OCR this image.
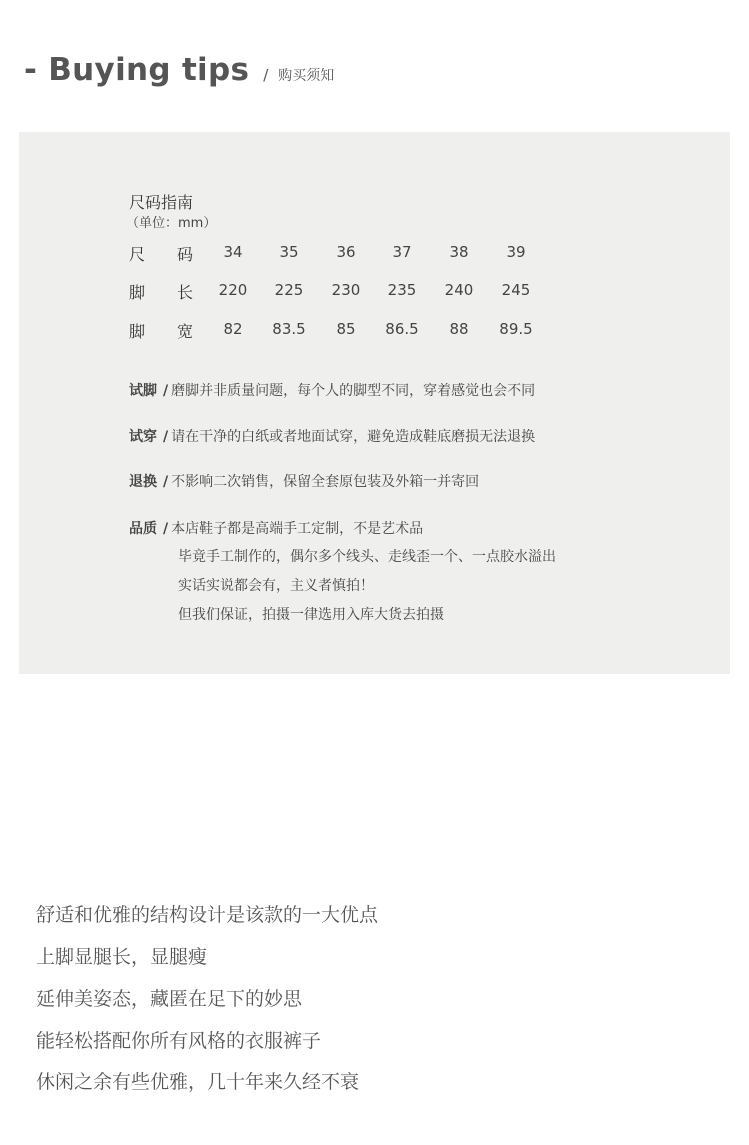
- Buying tips / 购买须知
尺码指南
（单位：mm）
尺 码	34	35	36	37	38	39
脚 长	220	225	230	235	240	245
脚 宽	82	83.5	85	86.5	88	89.5
试脚 / 磨脚并非质量问题，每个人的脚型不同，穿着感觉也会不同
试穿 / 请在干净的白纸或者地面试穿，避免造成鞋底磨损无法退换
退换 / 不影响二次销售，保留全套原包装及外箱一并寄回
品质 / 本店鞋子都是高端手工定制，不是艺术品
毕竟手工制作的，偶尔多个线头、走线歪一个、一点胶水溢出
实话实说都会有，主义者慎拍！
但我们保证，拍摄一律选用入库大货去拍摄
舒适和优雅的结构设计是该款的一大优点
上脚显腿长，显腿瘦
延伸美姿态，藏匿在足下的妙思
能轻松搭配你所有风格的衣服裤子
休闲之余有些优雅，几十年来久经不衰
